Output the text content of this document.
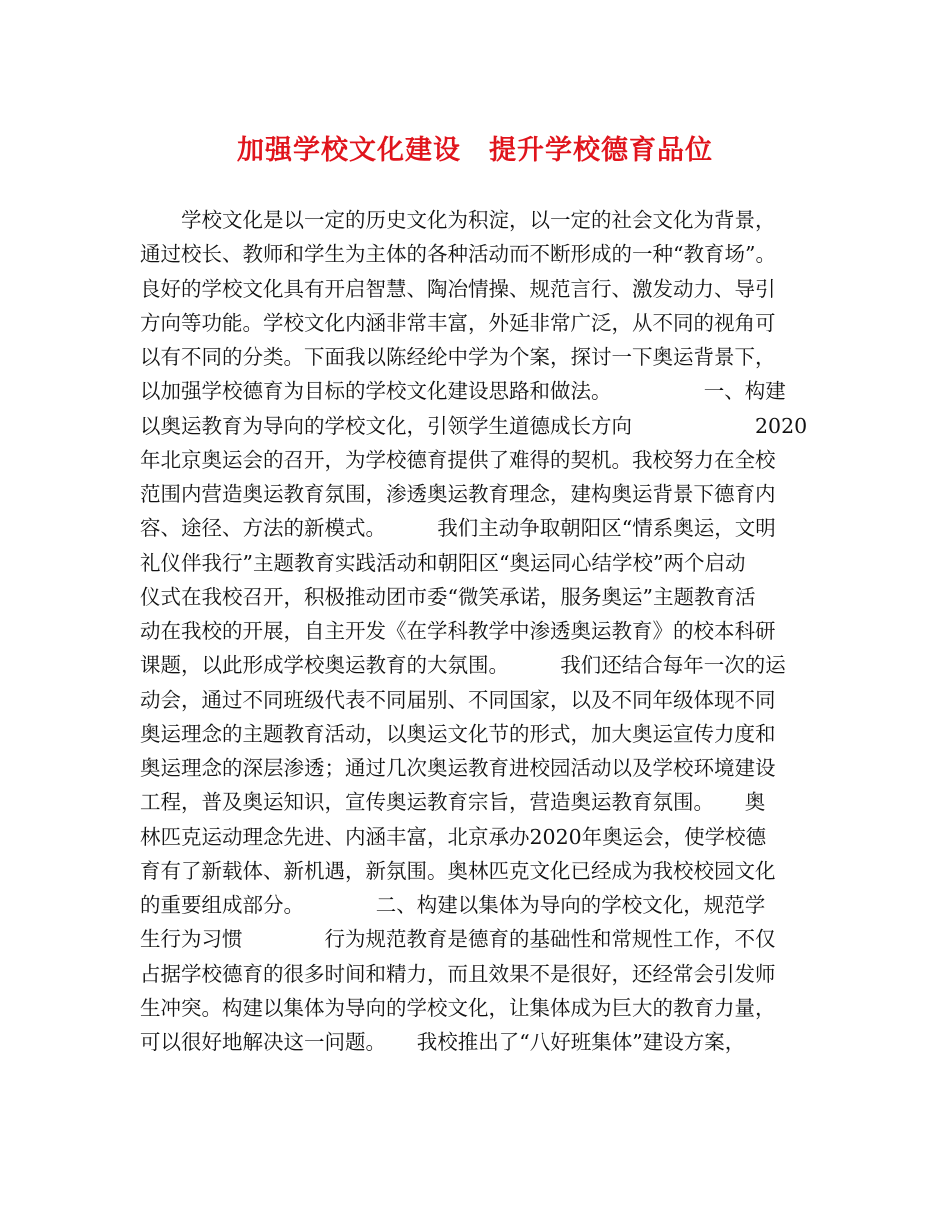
加强学校文化建设　提升学校德育品位
　　学校文化是以一定的历史文化为积淀，以一定的社会文化为背景，
通过校长、教师和学生为主体的各种活动而不断形成的一种“教育场”。
良好的学校文化具有开启智慧、陶冶情操、规范言行、激发动力、导引
方向等功能。学校文化内涵非常丰富，外延非常广泛，从不同的视角可
以有不同的分类。下面我以陈经纶中学为个案，探讨一下奥运背景下，
以加强学校德育为目标的学校文化建设思路和做法。　　　　　一、构建
以奥运教育为导向的学校文化，引领学生道德成长方向　　　　　　2020
年北京奥运会的召开，为学校德育提供了难得的契机。我校努力在全校
范围内营造奥运教育氛围，渗透奥运教育理念，建构奥运背景下德育内
容、途径、方法的新模式。　　　我们主动争取朝阳区“情系奥运，文明
礼仪伴我行”主题教育实践活动和朝阳区“奥运同心结学校”两个启动
仪式在我校召开，积极推动团市委“微笑承诺，服务奥运”主题教育活
动在我校的开展，自主开发《在学科教学中渗透奥运教育》的校本科研
课题，以此形成学校奥运教育的大氛围。　　　我们还结合每年一次的运
动会，通过不同班级代表不同届别、不同国家，以及不同年级体现不同
奥运理念的主题教育活动，以奥运文化节的形式，加大奥运宣传力度和
奥运理念的深层渗透；通过几次奥运教育进校园活动以及学校环境建设
工程，普及奥运知识，宣传奥运教育宗旨，营造奥运教育氛围。　　奥
林匹克运动理念先进、内涵丰富，北京承办2020年奥运会，使学校德
育有了新载体、新机遇，新氛围。奥林匹克文化已经成为我校校园文化
的重要组成部分。　　　　二、构建以集体为导向的学校文化，规范学
生行为习惯　　　　行为规范教育是德育的基础性和常规性工作，不仅
占据学校德育的很多时间和精力，而且效果不是很好，还经常会引发师
生冲突。构建以集体为导向的学校文化，让集体成为巨大的教育力量，
可以很好地解决这一问题。　　我校推出了“八好班集体”建设方案，
